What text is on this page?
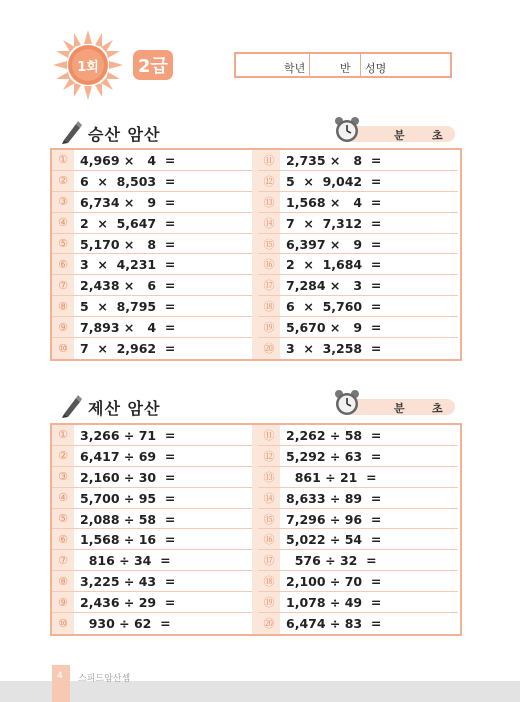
1회 2급	학년	반 성명
승산 암산	분 초
① 4,969 ×   4  =
② 6  ×  8,503  =
③ 6,734 ×   9  =
④ 2  ×  5,647  =
⑤ 5,170 ×   8  =
⑥ 3  ×  4,231  =
⑦ 2,438 ×   6  =
⑧ 5  ×  8,795  =
⑨ 7,893 ×   4  =
⑩ 7  ×  2,962  =
⑪ 2,735 ×   8  =
⑫ 5  ×  9,042  =
⑬ 1,568 ×   4  =
⑭ 7  ×  7,312  =
⑮ 6,397 ×   9  =
⑯ 2  ×  1,684  =
⑰ 7,284 ×   3  =
⑱ 6  ×  5,760  =
⑲ 5,670 ×   9  =
⑳ 3  ×  3,258  =
제산 암산	분 초
① 3,266 ÷ 71  =
② 6,417 ÷ 69  =
③ 2,160 ÷ 30  =
④ 5,700 ÷ 95  =
⑤ 2,088 ÷ 58  =
⑥ 1,568 ÷ 16  =
⑦ 816 ÷ 34  =
⑧ 3,225 ÷ 43  =
⑨ 2,436 ÷ 29  =
⑩ 930 ÷ 62  =
⑪ 2,262 ÷ 58  =
⑫ 5,292 ÷ 63  =
⑬ 861 ÷ 21  =
⑭ 8,633 ÷ 89  =
⑮ 7,296 ÷ 96  =
⑯ 5,022 ÷ 54  =
⑰ 576 ÷ 32  =
⑱ 2,100 ÷ 70  =
⑲ 1,078 ÷ 49  =
⑳ 6,474 ÷ 83  =
4 스피드암산셈
